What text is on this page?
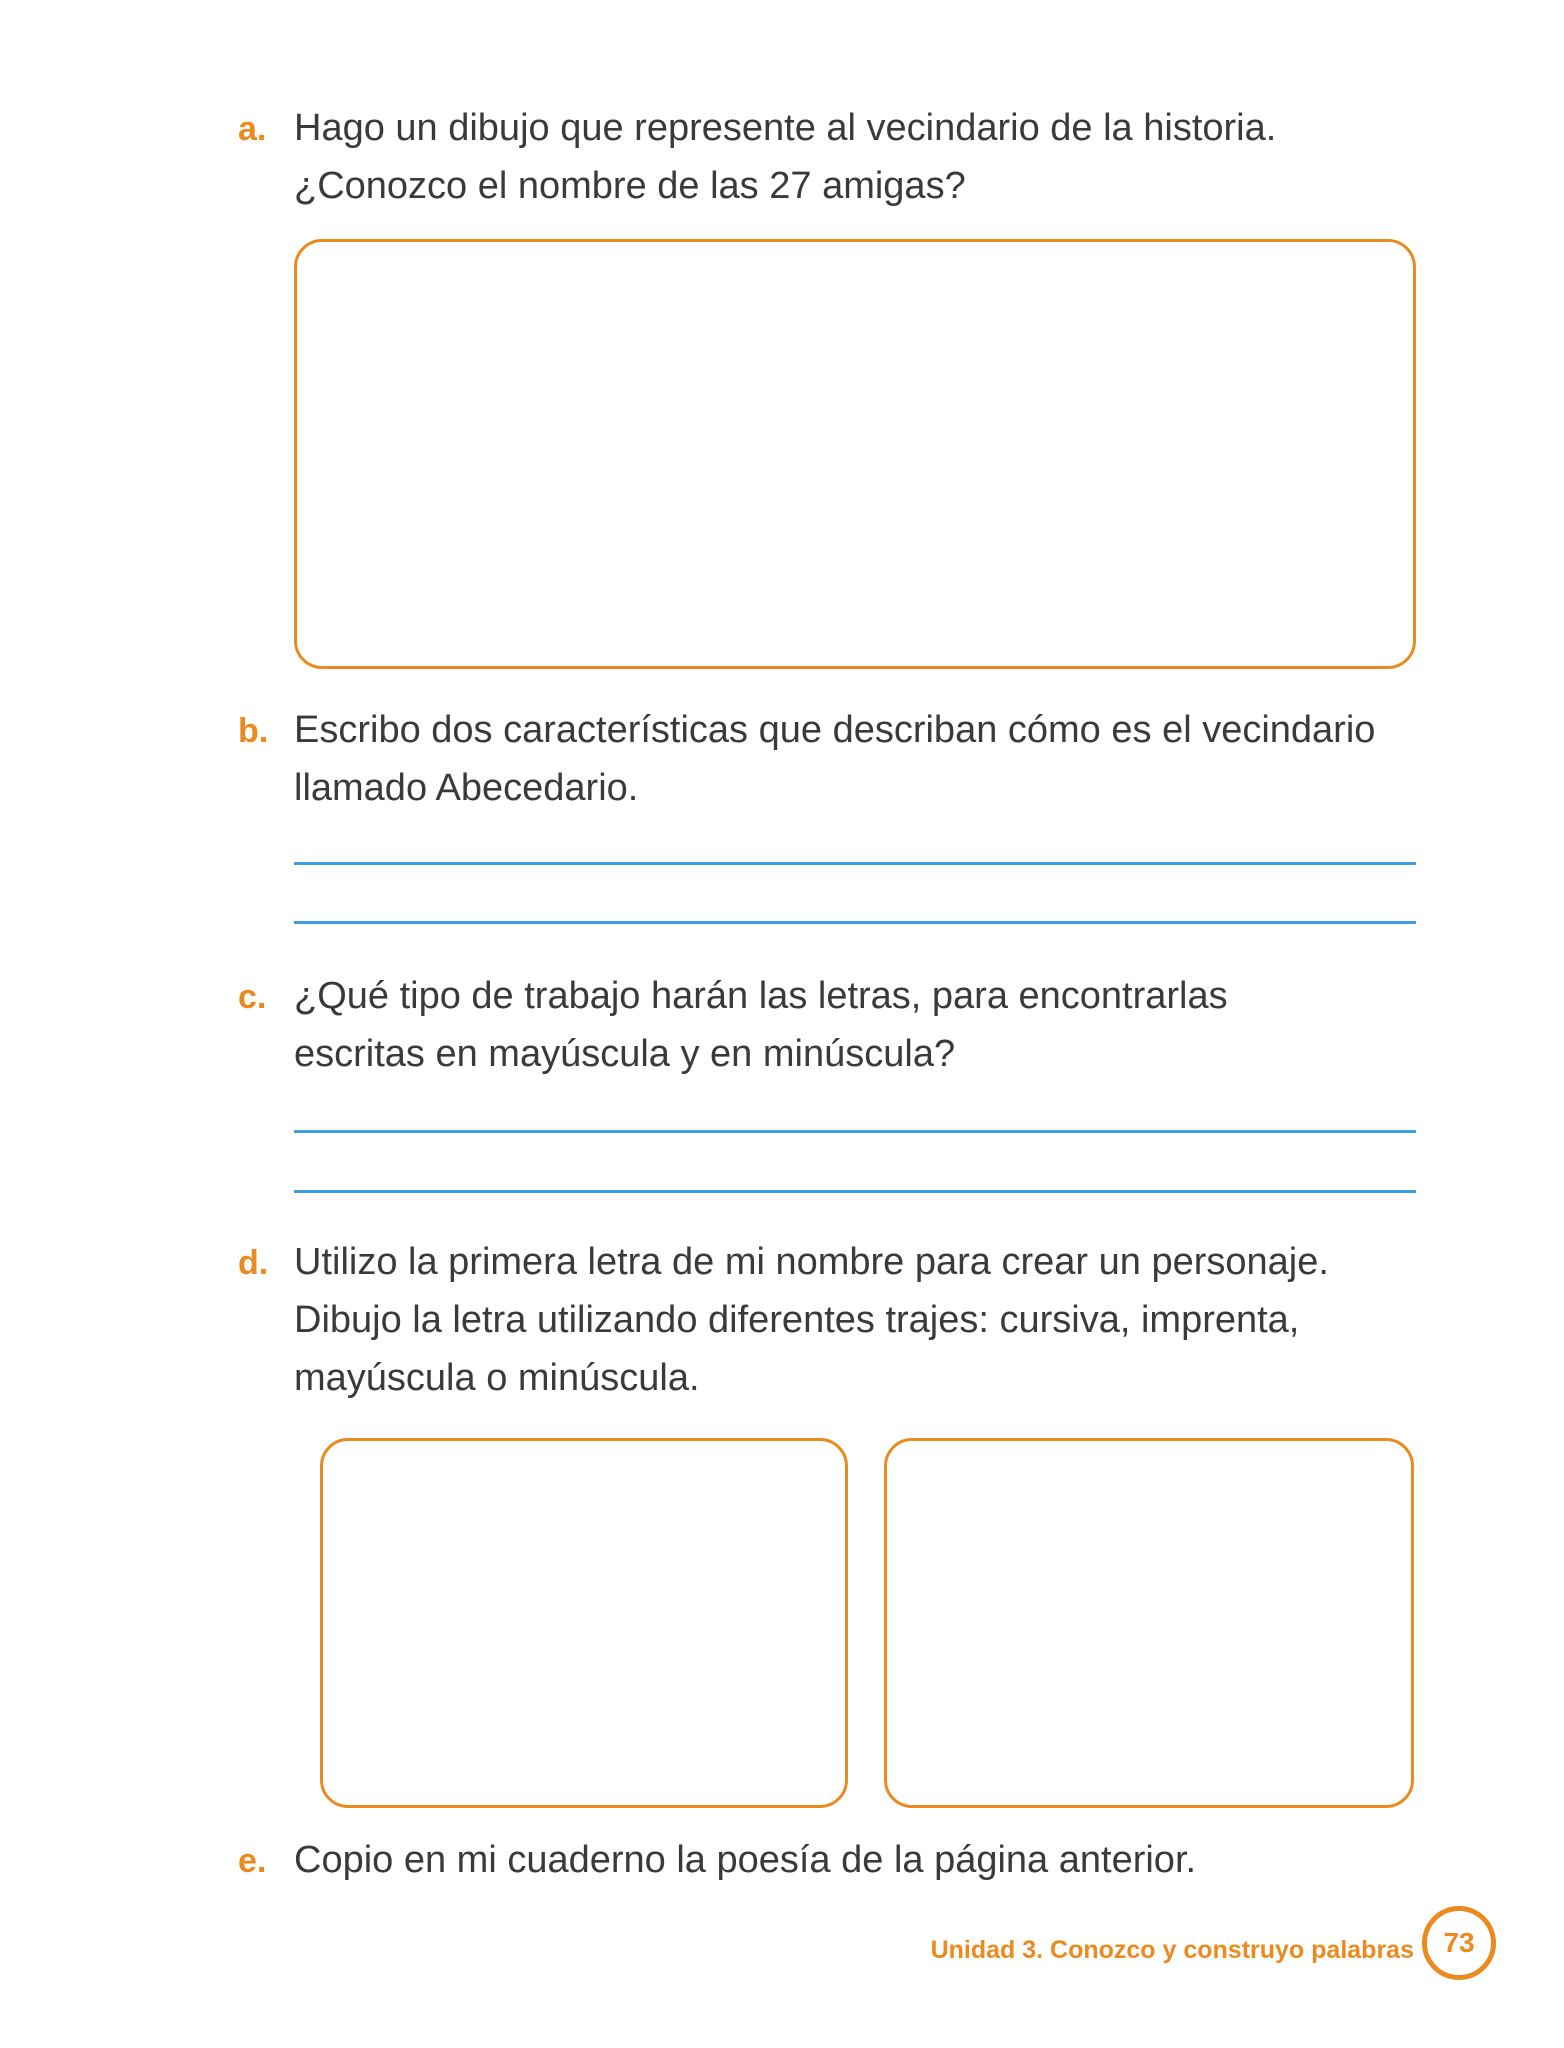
a. Hago un dibujo que represente al vecindario de la historia.
¿Conozco el nombre de las 27 amigas?
b. Escribo dos características que describan cómo es el vecindario
llamado Abecedario.
c. ¿Qué tipo de trabajo harán las letras, para encontrarlas
escritas en mayúscula y en minúscula?
d. Utilizo la primera letra de mi nombre para crear un personaje.
Dibujo la letra utilizando diferentes trajes: cursiva, imprenta,
mayúscula o minúscula.
e. Copio en mi cuaderno la poesía de la página anterior.
Unidad 3. Conozco y construyo palabras	73
